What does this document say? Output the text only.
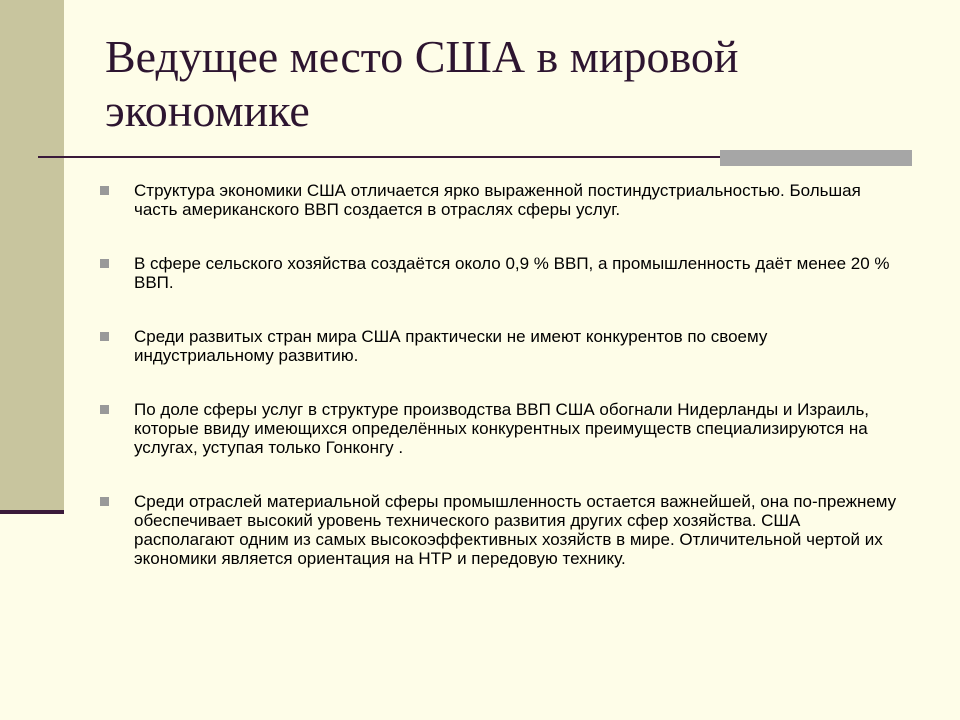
Ведущее место США в мировой экономике
Структура экономики США отличается ярко выраженной постиндустриальностью. Большая часть американского ВВП создается в отраслях сферы услуг.
В сфере сельского хозяйства создаётся около 0,9 % ВВП, а промышленность даёт менее 20 % ВВП.
Среди развитых стран мира США практически не имеют конкурентов по своему индустриальному развитию.
По доле сферы услуг в структуре производства ВВП США обогнали Нидерланды и Израиль, которые ввиду имеющихся определённых конкурентных преимуществ специализируются на услугах, уступая только Гонконгу .
Среди отраслей материальной сферы промышленность остается важнейшей, она по-прежнему обеспечивает высокий уровень технического развития других сфер хозяйства. США располагают одним из самых высокоэффективных хозяйств в мире. Отличительной чертой их экономики является ориентация на НТР и передовую технику.
